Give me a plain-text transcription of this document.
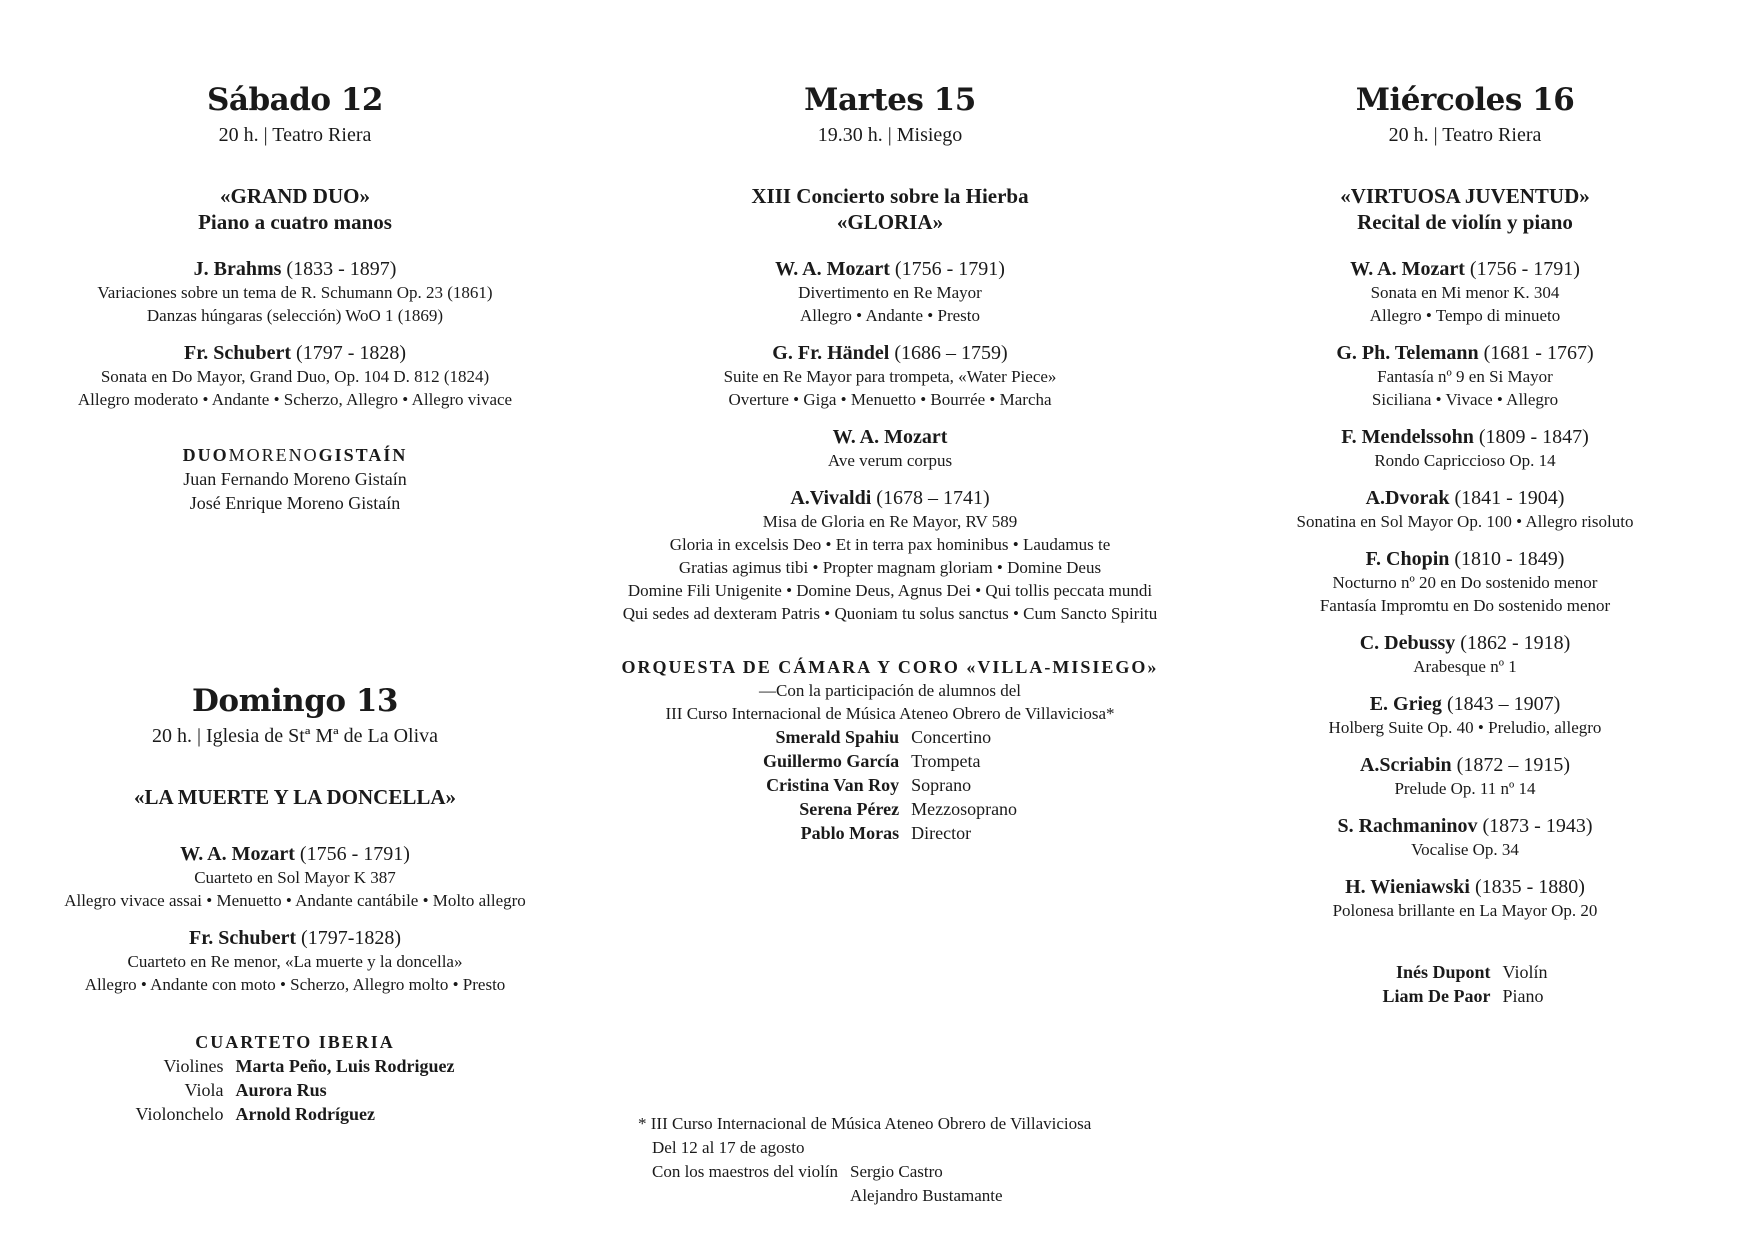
Sábado 12
20 h. | Teatro Riera
«GRAND DUO»
Piano a cuatro manos
J. Brahms (1833 - 1897)
Variaciones sobre un tema de R. Schumann Op. 23 (1861)
Danzas húngaras (selección) WoO 1 (1869)
Fr. Schubert (1797 - 1828)
Sonata en Do Mayor, Grand Duo, Op. 104 D. 812 (1824)
Allegro moderato • Andante • Scherzo, Allegro • Allegro vivace
DUOMORENOGISTAÍN
Juan Fernando Moreno Gistaín
José Enrique Moreno Gistaín
Domingo 13
20 h. | Iglesia de Stª Mª de La Oliva
«LA MUERTE Y LA DONCELLA»
W. A. Mozart (1756 - 1791)
Cuarteto en Sol Mayor K 387
Allegro vivace assai • Menuetto • Andante cantábile • Molto allegro
Fr. Schubert (1797-1828)
Cuarteto en Re menor, «La muerte y la doncella»
Allegro • Andante con moto • Scherzo, Allegro molto • Presto
CUARTETO IBERIA
Violines	Marta Peño, Luis Rodriguez
Viola	Aurora Rus
Violonchelo	Arnold Rodríguez
Martes 15
19.30 h. | Misiego
XIII Concierto sobre la Hierba
«GLORIA»
W. A. Mozart (1756 - 1791)
Divertimento en Re Mayor
Allegro • Andante • Presto
G. Fr. Händel (1686 – 1759)
Suite en Re Mayor para trompeta, «Water Piece»
Overture • Giga • Menuetto • Bourrée • Marcha
W. A. Mozart
Ave verum corpus
A.Vivaldi (1678 – 1741)
Misa de Gloria en Re Mayor, RV 589
Gloria in excelsis Deo • Et in terra pax hominibus • Laudamus te
Gratias agimus tibi • Propter magnam gloriam • Domine Deus
Domine Fili Unigenite • Domine Deus, Agnus Dei • Qui tollis peccata mundi
Qui sedes ad dexteram Patris • Quoniam tu solus sanctus • Cum Sancto Spiritu
ORQUESTA DE CÁMARA Y CORO «VILLA-MISIEGO»
—Con la participación de alumnos del
III Curso Internacional de Música Ateneo Obrero de Villaviciosa*
Smerald Spahiu	Concertino
Guillermo García	Trompeta
Cristina Van Roy	Soprano
Serena Pérez	Mezzosoprano
Pablo Moras	Director
* III Curso Internacional de Música Ateneo Obrero de Villaviciosa
Del 12 al 17 de agosto
Con los maestros del violín	Sergio Castro
	Alejandro Bustamante
Miércoles 16
20 h. | Teatro Riera
«VIRTUOSA JUVENTUD»
Recital de violín y piano
W. A. Mozart (1756 - 1791)
Sonata en Mi menor K. 304
Allegro • Tempo di minueto
G. Ph. Telemann (1681 - 1767)
Fantasía nº 9 en Si Mayor
Siciliana • Vivace • Allegro
F. Mendelssohn (1809 - 1847)
Rondo Capriccioso Op. 14
A.Dvorak (1841 - 1904)
Sonatina en Sol Mayor Op. 100 • Allegro risoluto
F. Chopin (1810 - 1849)
Nocturno nº 20 en Do sostenido menor
Fantasía Impromtu en Do sostenido menor
C. Debussy (1862 - 1918)
Arabesque nº 1
E. Grieg (1843 – 1907)
Holberg Suite Op. 40 • Preludio, allegro
A.Scriabin (1872 – 1915)
Prelude Op. 11 nº 14
S. Rachmaninov (1873 - 1943)
Vocalise Op. 34
H. Wieniawski (1835 - 1880)
Polonesa brillante en La Mayor Op. 20
Inés Dupont	Violín
Liam De Paor	Piano
